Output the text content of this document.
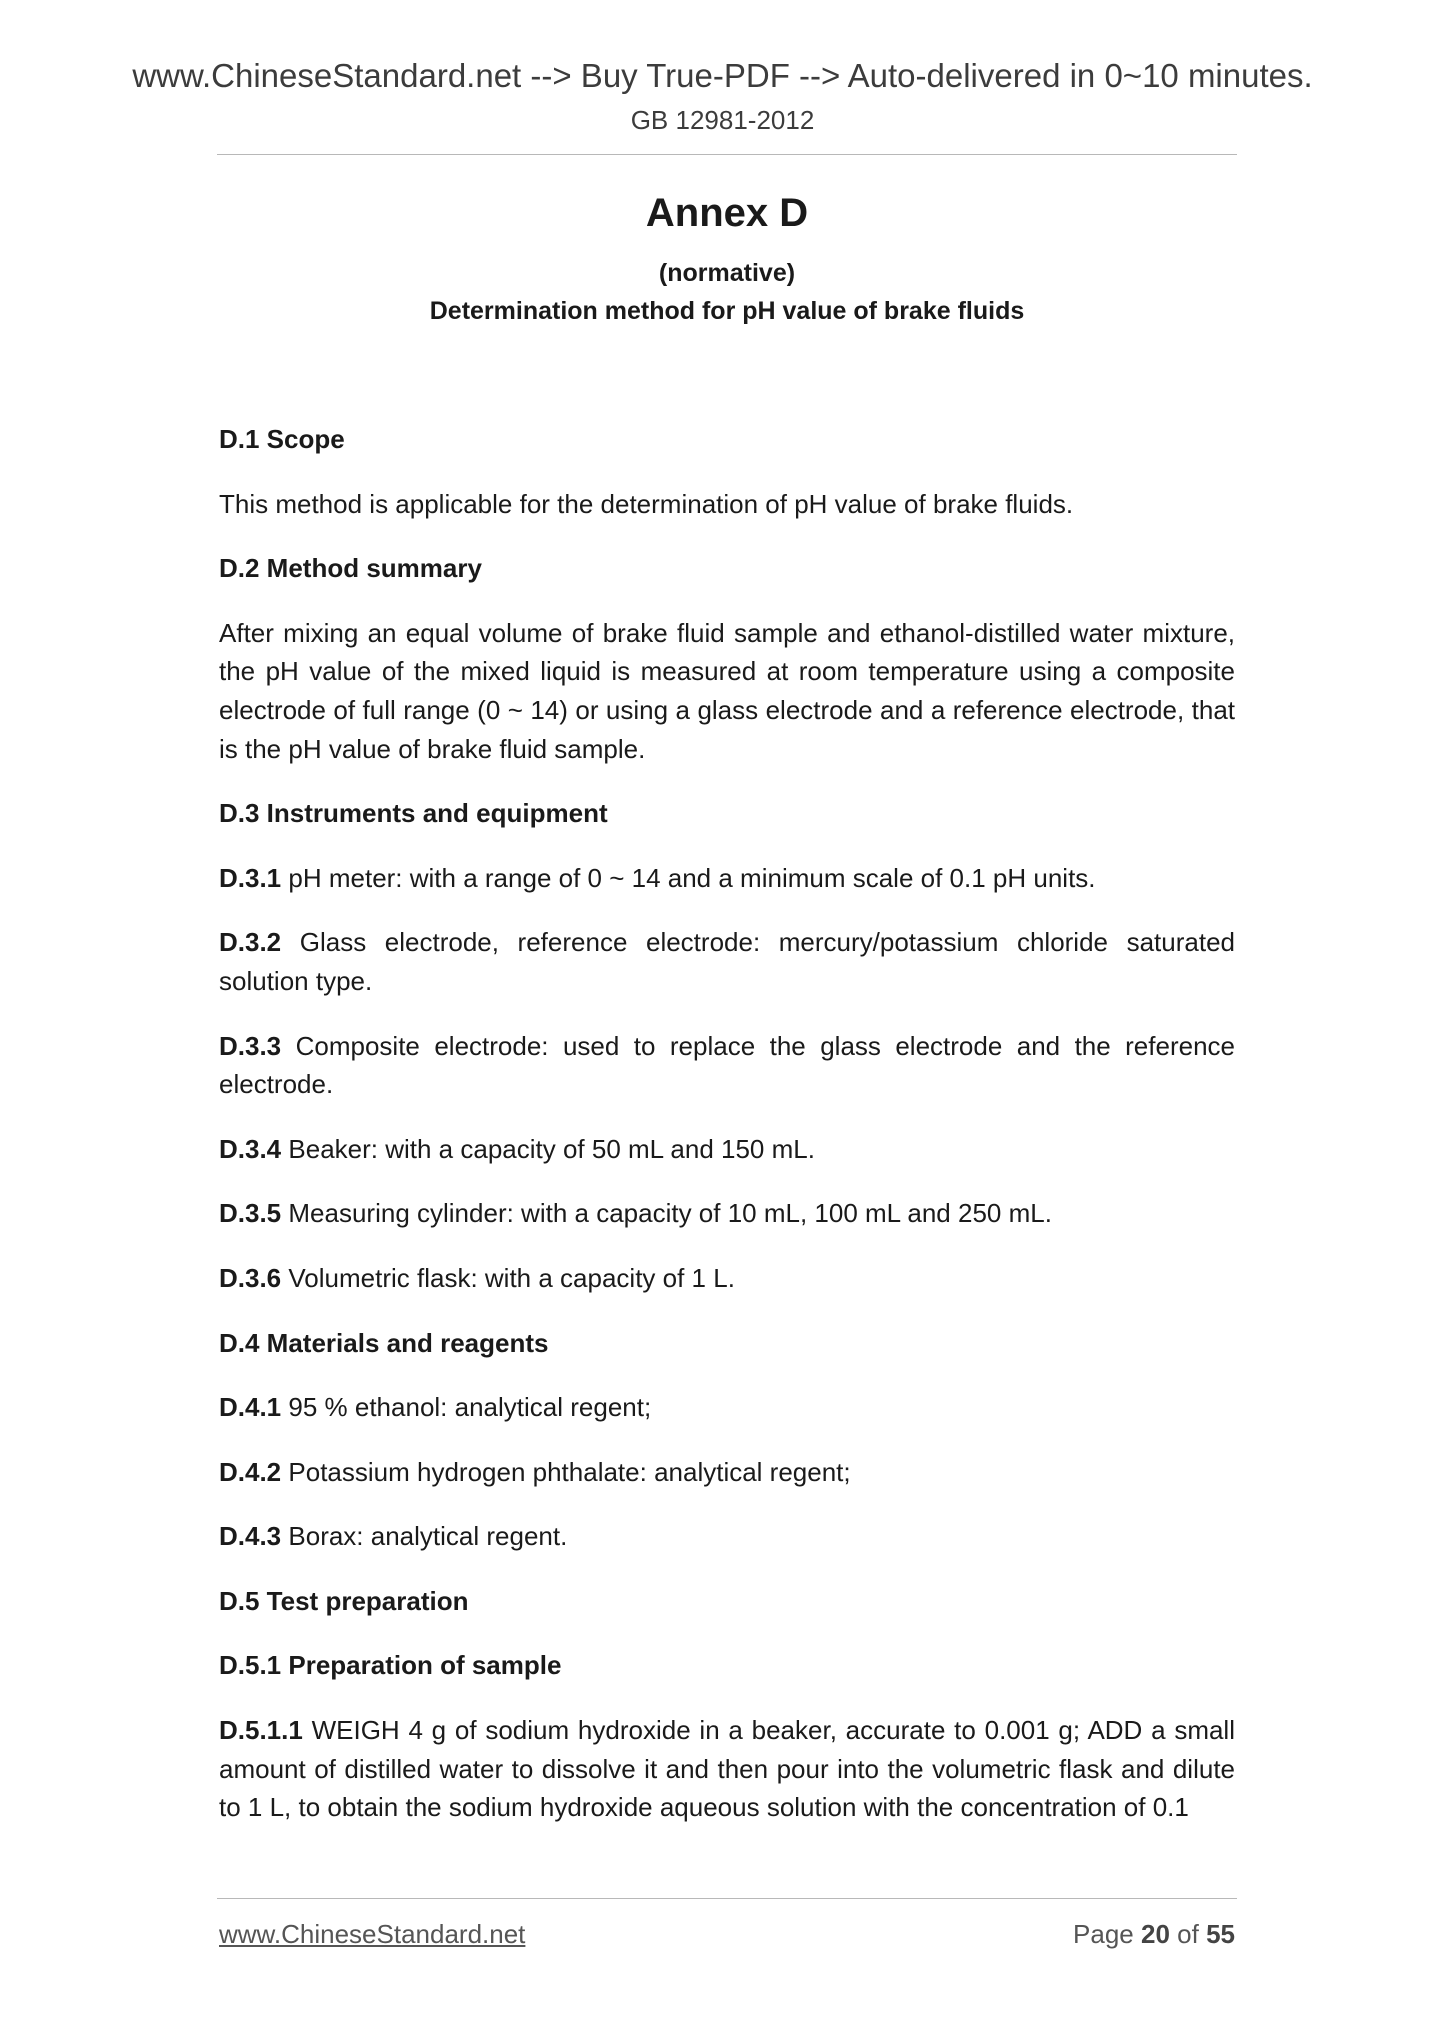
www.ChineseStandard.net --> Buy True-PDF --> Auto-delivered in 0~10 minutes.
GB 12981-2012
Annex D
(normative)
Determination method for pH value of brake fluids

D.1 Scope

This method is applicable for the determination of pH value of brake fluids.

D.2 Method summary

After mixing an equal volume of brake fluid sample and ethanol-distilled water mixture, the pH value of the mixed liquid is measured at room temperature using a composite electrode of full range (0 ~ 14) or using a glass electrode and a reference electrode, that is the pH value of brake fluid sample.

D.3 Instruments and equipment

D.3.1 pH meter: with a range of 0 ~ 14 and a minimum scale of 0.1 pH units.

D.3.2 Glass electrode, reference electrode: mercury/potassium chloride saturated solution type.

D.3.3 Composite electrode: used to replace the glass electrode and the reference electrode.

D.3.4 Beaker: with a capacity of 50 mL and 150 mL.

D.3.5 Measuring cylinder: with a capacity of 10 mL, 100 mL and 250 mL.

D.3.6 Volumetric flask: with a capacity of 1 L.

D.4 Materials and reagents

D.4.1 95 % ethanol: analytical regent;

D.4.2 Potassium hydrogen phthalate: analytical regent;

D.4.3 Borax: analytical regent.

D.5 Test preparation

D.5.1 Preparation of sample

D.5.1.1 WEIGH 4 g of sodium hydroxide in a beaker, accurate to 0.001 g; ADD a small amount of distilled water to dissolve it and then pour into the volumetric flask and dilute to 1 L, to obtain the sodium hydroxide aqueous solution with the concentration of 0.1

www.ChineseStandard.net	Page 20 of 55
